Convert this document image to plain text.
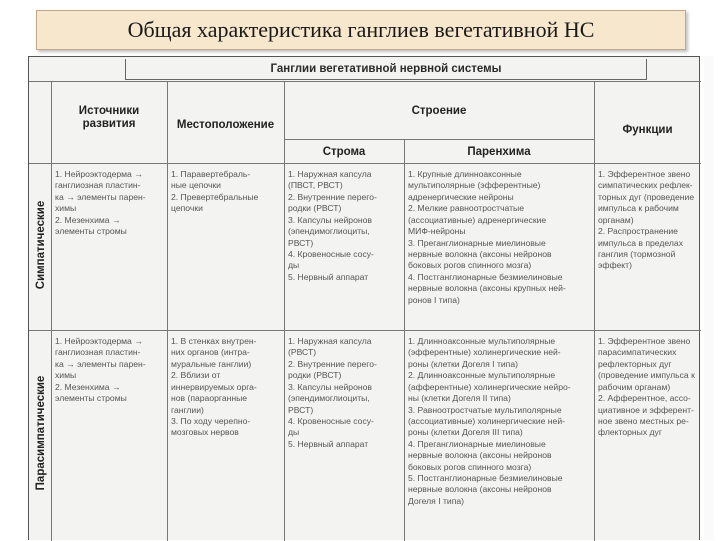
Общая характеристика ганглиев вегетативной НС
Ганглии вегетативной нервной системы
Источники развития	Местоположение
Строение
Строма	Паренхима
Функции
Симпатические
Парасимпатические
1. Нейроэктодерма →
ганглиозная пластин-
ка → элементы парен-
химы
2. Мезенхима →
элементы стромы
1. Паравертебраль-
ные цепочки
2. Превертебральные
цепочки
1. Наружная капсула
(ПВСТ, РВСТ)
2. Внутренние перего-
родки (РВСТ)
3. Капсулы нейронов
(эпендимоглиоциты,
РВСТ)
4. Кровеносные сосу-
ды
5. Нервный аппарат
1. Крупные длинноаксонные
мультиполярные (эфферентные)
адренергические нейроны
2. Мелкие равноотростчатые
(ассоциативные) адренергические
МИФ-нейроны
3. Преганглионарные миелиновые
нервные волокна (аксоны нейронов
боковых рогов спинного мозга)
4. Постганглионарные безмиелиновые
нервные волокна (аксоны крупных ней-
ронов I типа)
1. Эфферентное звено
симпатических рефлек-
торных дуг (проведение
импульса к рабочим
органам)
2. Распространение
импульса в пределах
ганглия (тормозной
эффект)
1. Нейроэктодерма →
ганглиозная пластин-
ка → элементы парен-
химы
2. Мезенхима →
элементы стромы
1. В стенках внутрен-
них органов (интра-
муральные ганглии)
2. Вблизи от
иннервируемых орга-
нов (параорганные
ганглии)
3. По ходу черепно-
мозговых нервов
1. Наружная капсула
(РВСТ)
2. Внутренние перего-
родки (РВСТ)
3. Капсулы нейронов
(эпендимоглиоциты,
РВСТ)
4. Кровеносные сосу-
ды
5. Нервный аппарат
1. Длинноаксонные мультиполярные
(эфферентные) холинергические ней-
роны (клетки Догеля I типа)
2. Длинноаксонные мультиполярные
(афферентные) холинергические нейро-
ны (клетки Догеля II типа)
3. Равноотростчатые мультиполярные
(ассоциативные) холинергические ней-
роны (клетки Догеля III типа)
4. Преганглионарные миелиновые
нервные волокна (аксоны нейронов
боковых рогов спинного мозга)
5. Постганглионарные безмиелиновые
нервные волокна (аксоны нейронов
Догеля I типа)
1. Эфферентное звено
парасимпатических
рефлекторных дуг
(проведение импульса к
рабочим органам)
2. Афферентное, ассо-
циативное и эфферент-
ное звено местных ре-
флекторных дуг
